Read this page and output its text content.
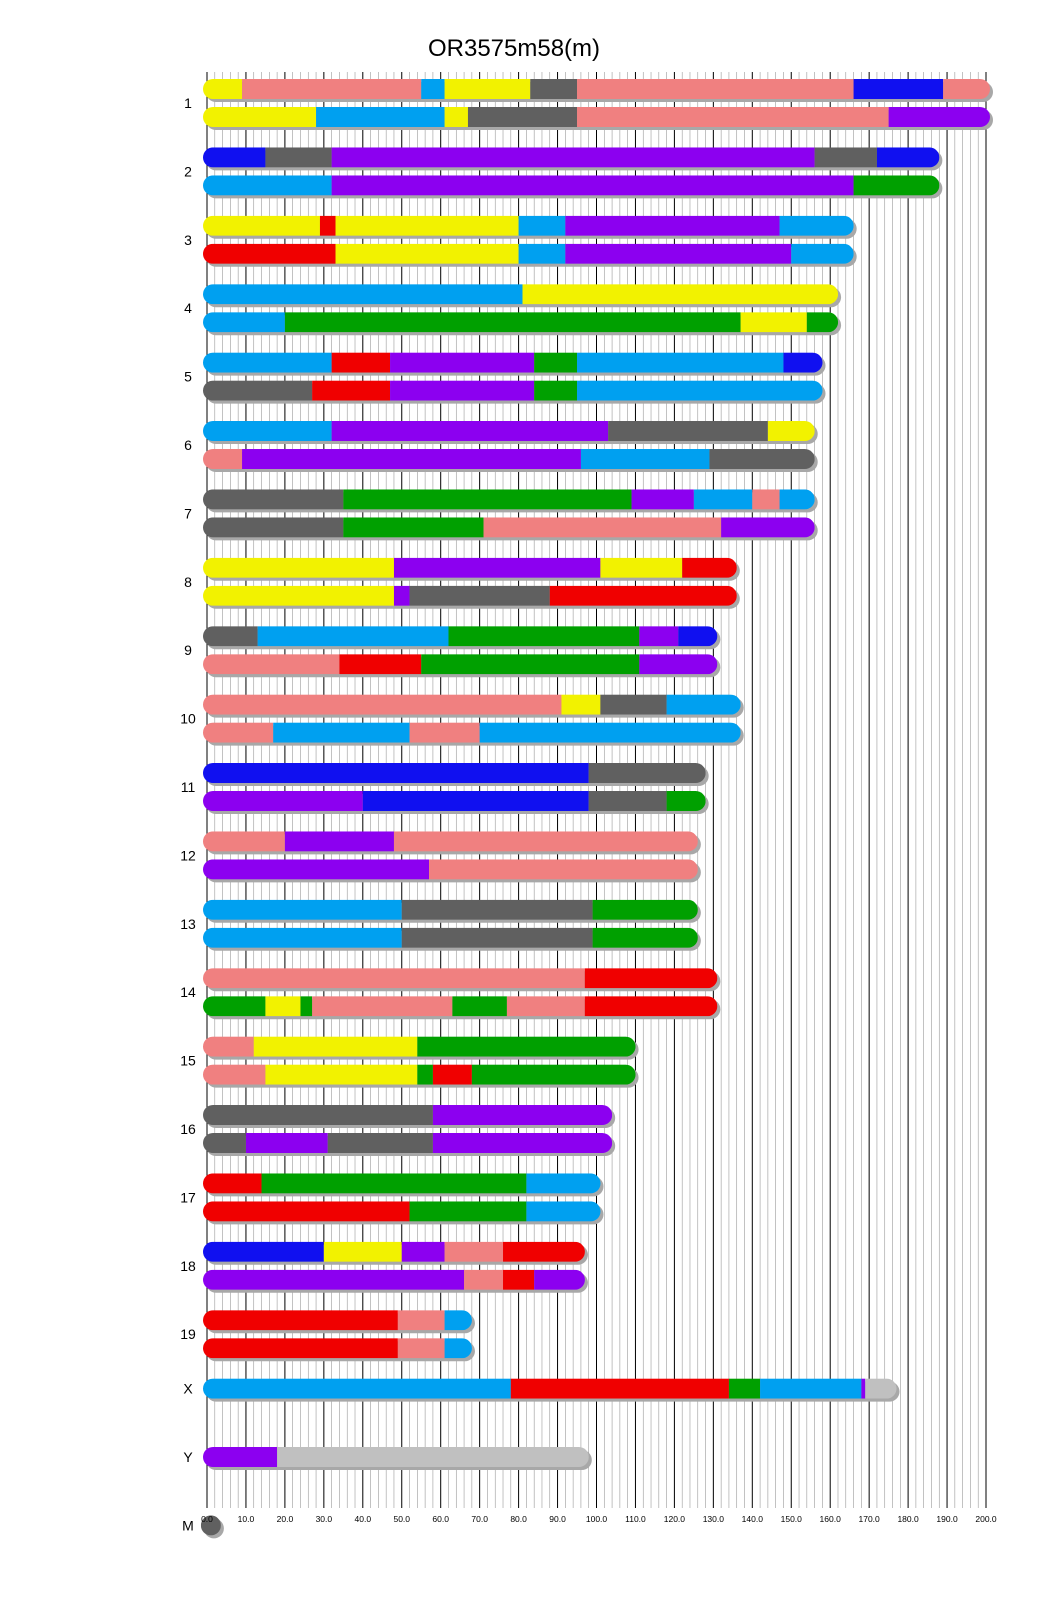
OR3575m58(m)
1
2
3
4
5
6
7
8
9
10
11
12
13
14
15
16
17
18
19
X
Y
M 0.0	10.0	20.0	30.0	40.0	50.0	60.0	70.0	80.0	90.0 100.0 110.0 120.0 130.0 140.0 150.0 160.0 170.0 180.0 190.0 200.0
